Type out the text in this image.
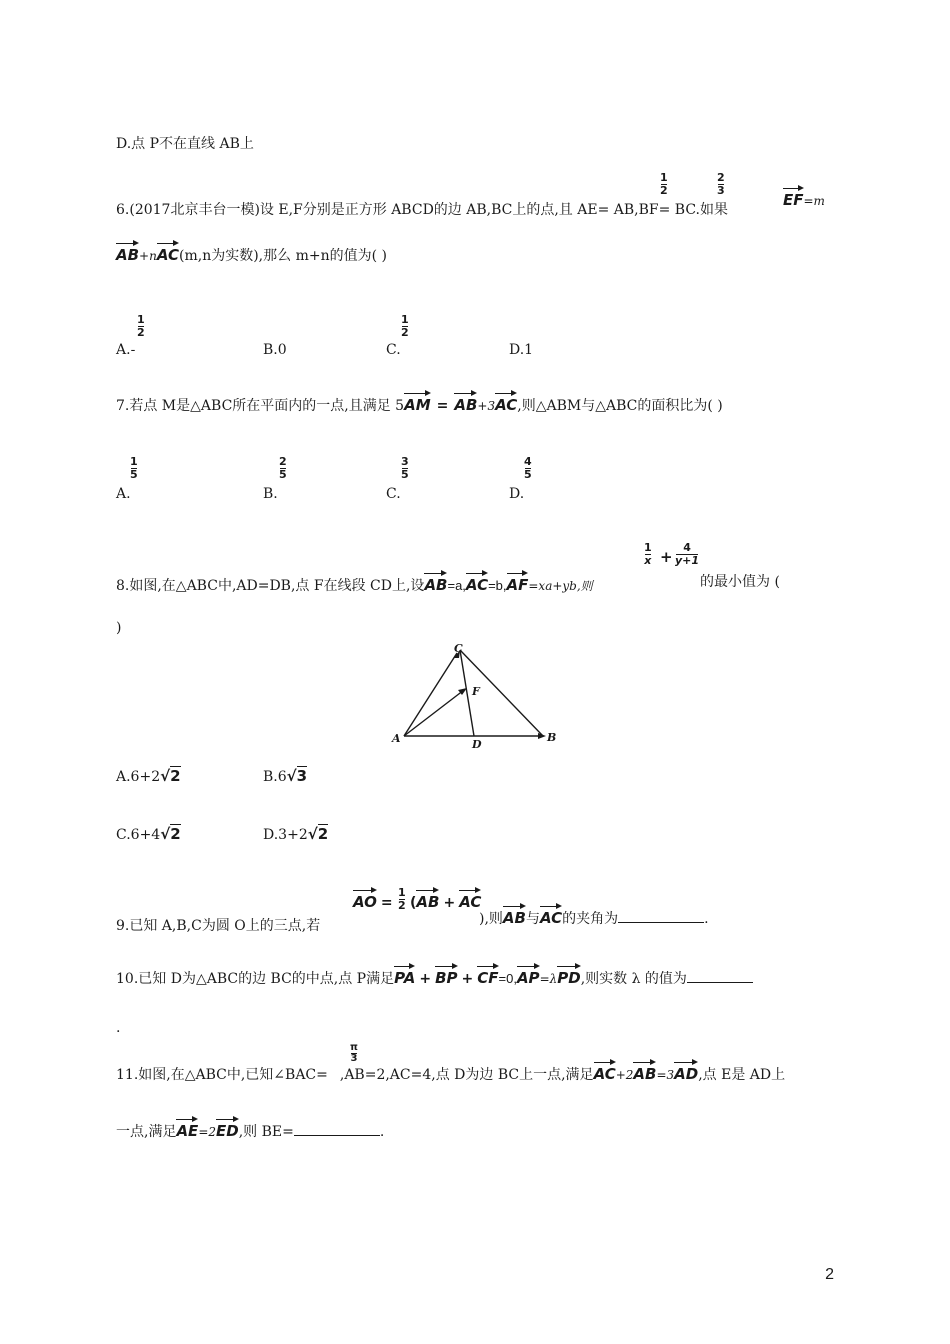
D.点 P不在直线 AB上
1
2
2
3
6.(2017北京丰台一模)设 E,F分别是正方形 ABCD的边 AB,BC上的点,且 AE= AB,BF= BC.如果
EF=m
AB+nAC(m,n为实数),那么 m+n的值为( )
A.-
1
2
B.0	C.
1
2
D.1
7.若点 M是△ABC所在平面内的一点,且满足 5AM = AB+3AC,则△ABM与△ABC的面积比为( )
A.
1
5
B.
2
5
C.
3
5
D.
4
5
8.如图,在△ABC中,AD=DB,点 F在线段 CD上,设AB=a,AC=b,AF=xa+yb,则
1
x +
4
y+1
的最小值为 (
)
A	B
C
D
F
A.6+2√2	B.6√3
C.6+4√2	D.3+2√2
AO =
1
2 (AB + AC
9.已知 A,B,C为圆 O上的三点,若	),则AB与AC的夹角为	.
10.已知 D为△ABC的边 BC的中点,点 P满足PA + BP + CF=0,AP=λPD,则实数 λ 的值为
.
π
3
11.如图,在△ABC中,已知∠BAC= ,AB=2,AC=4,点 D为边 BC上一点,满足AC+2AB=3AD,点 E是 AD上
一点,满足AE=2ED,则 BE=	.
2
